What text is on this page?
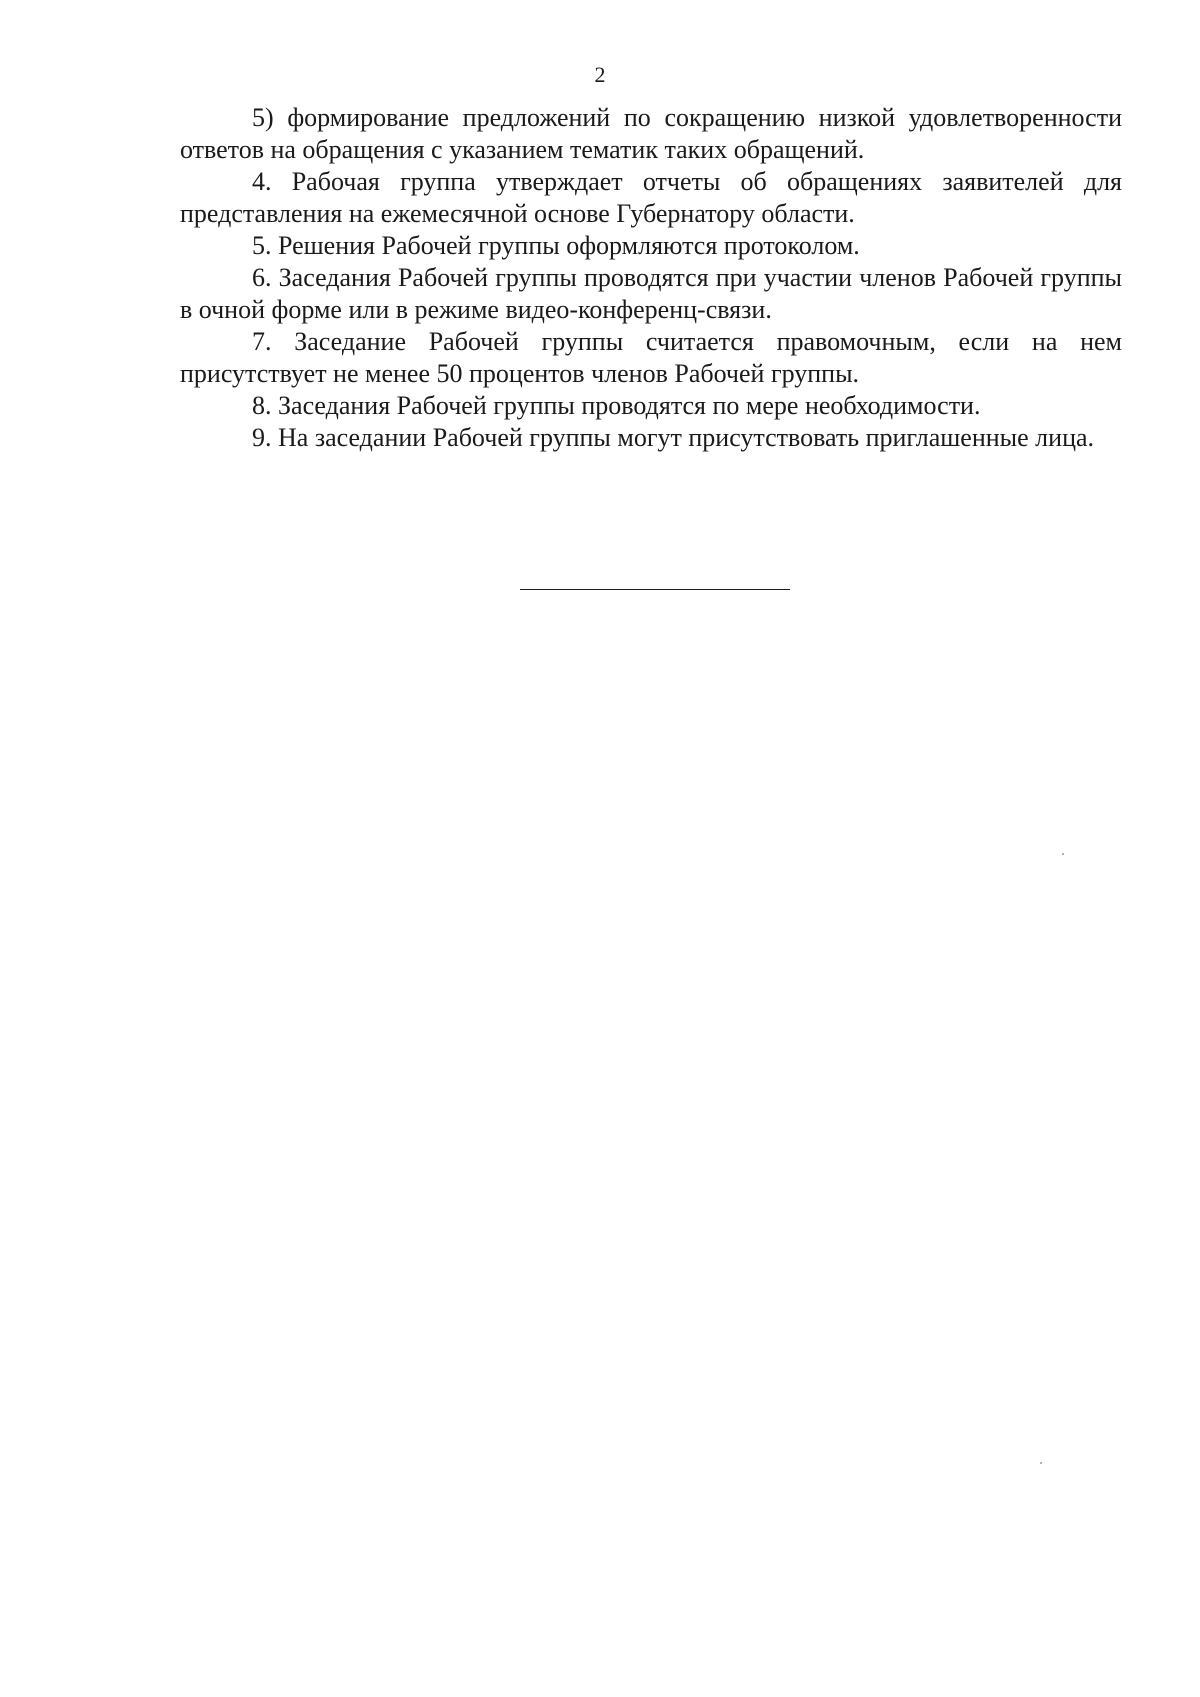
2

5) формирование предложений по сокращению низкой удовлетворенности ответов на обращения с указанием тематик таких обращений.

4. Рабочая группа утверждает отчеты об обращениях заявителей для представления на ежемесячной основе Губернатору области.

5. Решения Рабочей группы оформляются протоколом.

6. Заседания Рабочей группы проводятся при участии членов Рабочей группы в очной форме или в режиме видео-конференц-связи.

7. Заседание Рабочей группы считается правомочным, если на нем присутствует не менее 50 процентов членов Рабочей группы.

8. Заседания Рабочей группы проводятся по мере необходимости.

9. На заседании Рабочей группы могут присутствовать приглашенные лица.
